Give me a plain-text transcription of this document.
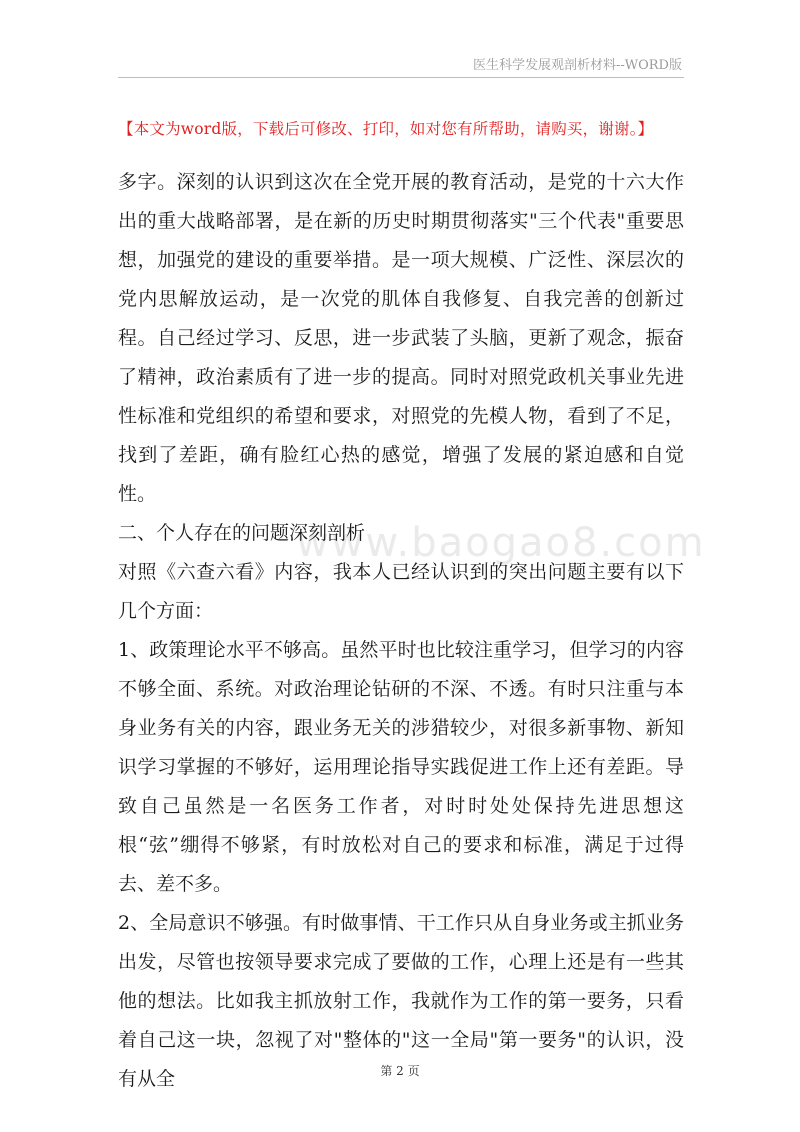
医生科学发展观剖析材料--WORD版
【本文为word版，下载后可修改、打印，如对您有所帮助，请购买，谢谢。】
www.baogao8.com

多字。深刻的认识到这次在全党开展的教育活动，是党的十六大作出的重大战略部署，是在新的历史时期贯彻落实"三个代表"重要思想，加强党的建设的重要举措。是一项大规模、广泛性、深层次的党内思解放运动，是一次党的肌体自我修复、自我完善的创新过程。自己经过学习、反思，进一步武装了头脑，更新了观念，振奋了精神，政治素质有了进一步的提高。同时对照党政机关事业先进性标准和党组织的希望和要求，对照党的先模人物，看到了不足，找到了差距，确有脸红心热的感觉，增强了发展的紧迫感和自觉性。

二、个人存在的问题深刻剖析

对照《六查六看》内容，我本人已经认识到的突出问题主要有以下几个方面：

1、政策理论水平不够高。虽然平时也比较注重学习，但学习的内容不够全面、系统。对政治理论钻研的不深、不透。有时只注重与本身业务有关的内容，跟业务无关的涉猎较少，对很多新事物、新知识学习掌握的不够好，运用理论指导实践促进工作上还有差距。导致自己虽然是一名医务工作者，对时时处处保持先进思想这根“弦”绷得不够紧，有时放松对自己的要求和标准，满足于过得去、差不多。

2、全局意识不够强。有时做事情、干工作只从自身业务或主抓业务出发，尽管也按领导要求完成了要做的工作，心理上还是有一些其他的想法。比如我主抓放射工作，我就作为工作的第一要务，只看着自己这一块，忽视了对"整体的"这一全局"第一要务"的认识，没有从全	第 2 页
